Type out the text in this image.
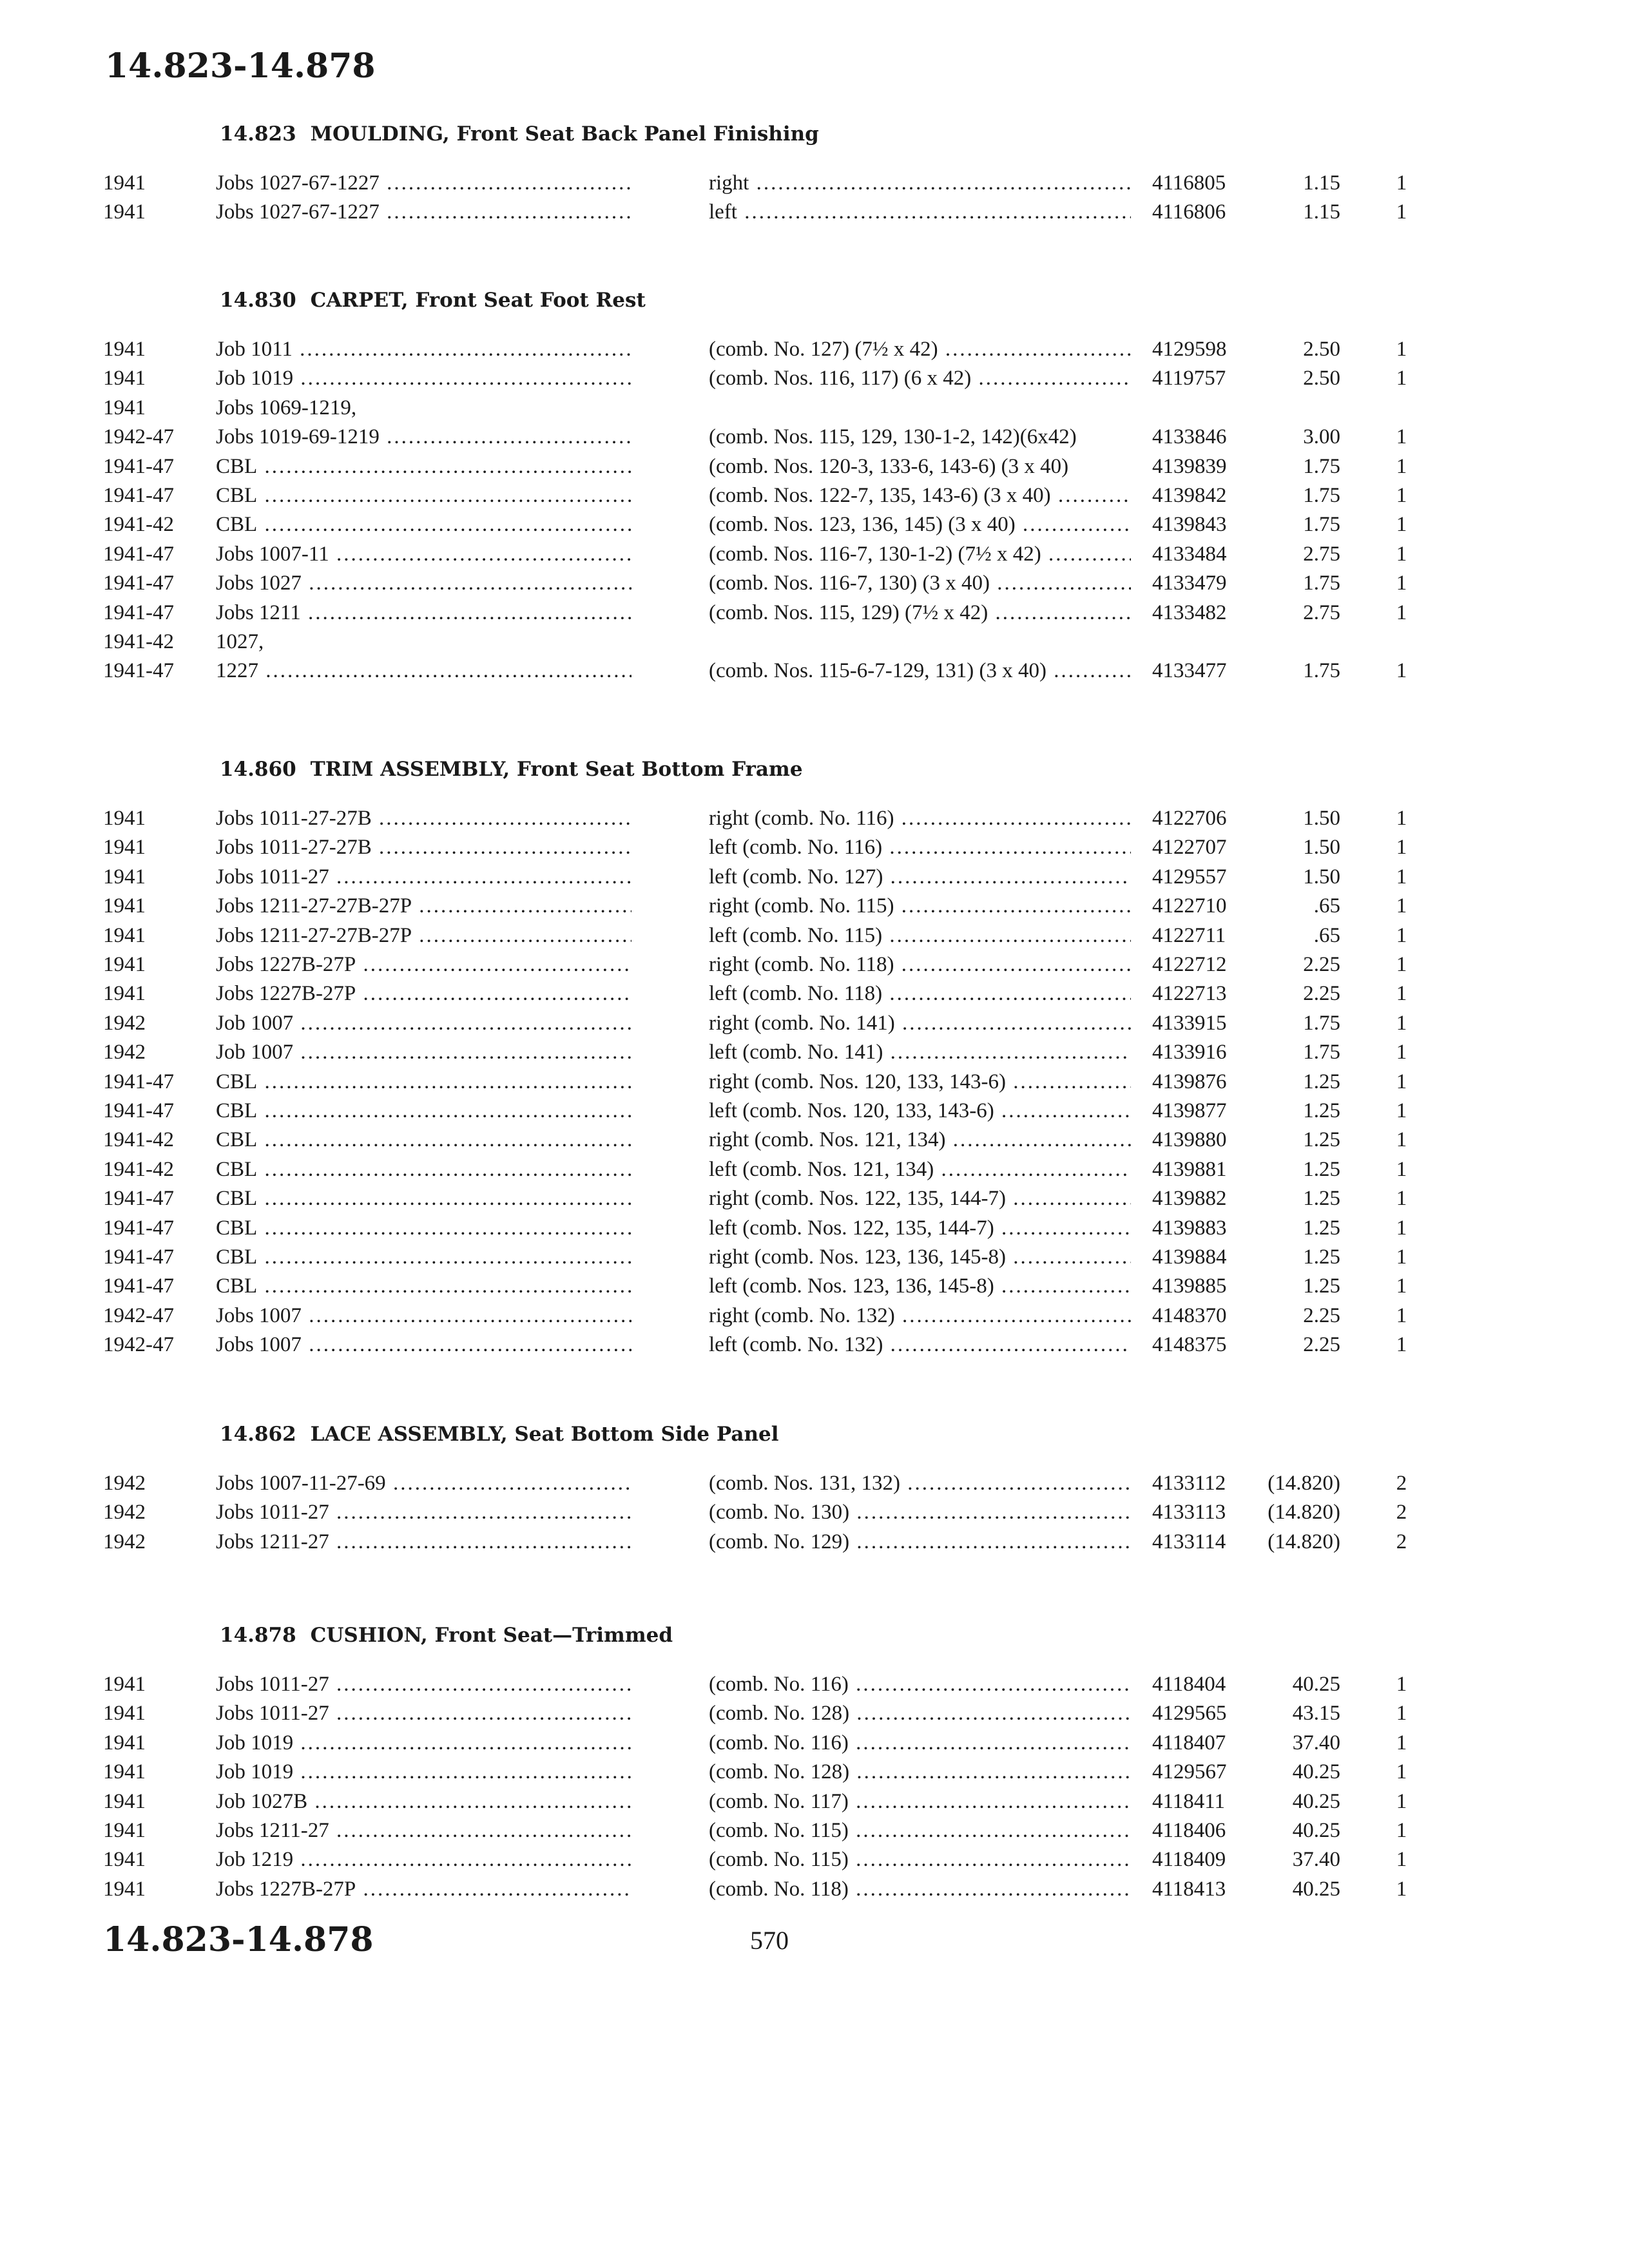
14.823-14.878
14.823 MOULDING, Front Seat Back Panel Finishing
1941	Jobs 1027-67-1227 .....	right .....	4116805	1.15	1
1941	Jobs 1027-67-1227 .....	left .....	4116806	1.15	1
14.830 CARPET, Front Seat Foot Rest
1941	Job 1011 .....	(comb. No. 127) (7½ x 42) .....	4129598	2.50	1
1941	Job 1019 .....	(comb. Nos. 116, 117) (6 x 42) .....	4119757	2.50	1
1941	Jobs 1069-1219,
1942-47 Jobs 1019-69-1219 .....	(comb. Nos. 115, 129, 130-1-2, 142)(6x42)	4133846	3.00	1
1941-47 CBL .....	(comb. Nos. 120-3, 133-6, 143-6) (3 x 40)	4139839	1.75	1
1941-47 CBL .....	(comb. Nos. 122-7, 135, 143-6) (3 x 40) .....	4139842	1.75	1
1941-42 CBL .....	(comb. Nos. 123, 136, 145) (3 x 40) .....	4139843	1.75	1
1941-47 Jobs 1007-11 .....	(comb. Nos. 116-7, 130-1-2) (7½ x 42) .....	4133484	2.75	1
1941-47 Jobs 1027 .....	(comb. Nos. 116-7, 130) (3 x 40) .....	4133479	1.75	1
1941-47 Jobs 1211 .....	(comb. Nos. 115, 129) (7½ x 42) .....	4133482	2.75	1
1941-42 1027,
1941-47 1227 .....	(comb. Nos. 115-6-7-129, 131) (3 x 40) .....	4133477	1.75	1
14.860 TRIM ASSEMBLY, Front Seat Bottom Frame
1941	Jobs 1011-27-27B .....	right (comb. No. 116) .....	4122706	1.50	1
1941	Jobs 1011-27-27B .....	left (comb. No. 116) .....	4122707	1.50	1
1941	Jobs 1011-27 .....	left (comb. No. 127) .....	4129557	1.50	1
1941	Jobs 1211-27-27B-27P .....	right (comb. No. 115) .....	4122710	.65	1
1941	Jobs 1211-27-27B-27P .....	left (comb. No. 115) .....	4122711	.65	1
1941	Jobs 1227B-27P .....	right (comb. No. 118) .....	4122712	2.25	1
1941	Jobs 1227B-27P .....	left (comb. No. 118) .....	4122713	2.25	1
1942	Job 1007 .....	right (comb. No. 141) .....	4133915	1.75	1
1942	Job 1007 .....	left (comb. No. 141) .....	4133916	1.75	1
1941-47 CBL .....	right (comb. Nos. 120, 133, 143-6) .....	4139876	1.25	1
1941-47 CBL .....	left (comb. Nos. 120, 133, 143-6) .....	4139877	1.25	1
1941-42 CBL .....	right (comb. Nos. 121, 134) .....	4139880	1.25	1
1941-42 CBL .....	left (comb. Nos. 121, 134) .....	4139881	1.25	1
1941-47 CBL .....	right (comb. Nos. 122, 135, 144-7) .....	4139882	1.25	1
1941-47 CBL .....	left (comb. Nos. 122, 135, 144-7) .....	4139883	1.25	1
1941-47 CBL .....	right (comb. Nos. 123, 136, 145-8) .....	4139884	1.25	1
1941-47 CBL .....	left (comb. Nos. 123, 136, 145-8) .....	4139885	1.25	1
1942-47 Jobs 1007 .....	right (comb. No. 132) .....	4148370	2.25	1
1942-47 Jobs 1007 .....	left (comb. No. 132) .....	4148375	2.25	1
14.862 LACE ASSEMBLY, Seat Bottom Side Panel
1942	Jobs 1007-11-27-69 .....	(comb. Nos. 131, 132) .....	4133112	(14.820)	2
1942	Jobs 1011-27 .....	(comb. No. 130) .....	4133113	(14.820)	2
1942	Jobs 1211-27 .....	(comb. No. 129) .....	4133114	(14.820)	2
14.878 CUSHION, Front Seat—Trimmed
1941	Jobs 1011-27 .....	(comb. No. 116) .....	4118404	40.25	1
1941	Jobs 1011-27 .....	(comb. No. 128) .....	4129565	43.15	1
1941	Job 1019 .....	(comb. No. 116) .....	4118407	37.40	1
1941	Job 1019 .....	(comb. No. 128) .....	4129567	40.25	1
1941	Job 1027B .....	(comb. No. 117) .....	4118411	40.25	1
1941	Jobs 1211-27 .....	(comb. No. 115) .....	4118406	40.25	1
1941	Job 1219 .....	(comb. No. 115) .....	4118409	37.40	1
1941	Jobs 1227B-27P .....	(comb. No. 118) .....	4118413	40.25	1
14.823-14.878	570
